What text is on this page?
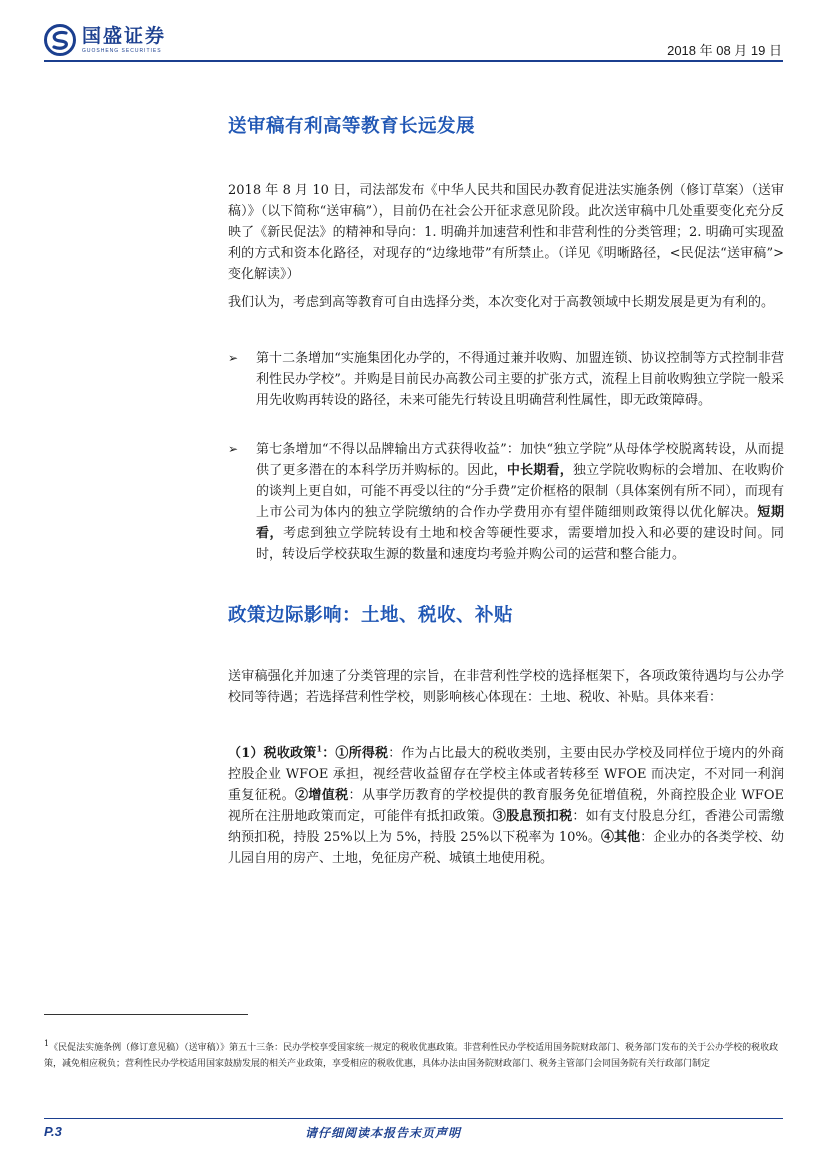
国盛证券
GUOSHENG SECURITIES	2018 年 08 月 19 日
送审稿有利高等教育长远发展

2018 年 8 月 10 日，司法部发布《中华人民共和国民办教育促进法实施条例（修订草案）（送审稿）》（以下简称“送审稿”），目前仍在社会公开征求意见阶段。此次送审稿中几处重要变化充分反映了《新民促法》的精神和导向：1. 明确并加速营利性和非营利性的分类管理；2. 明确可实现盈利的方式和资本化路径，对现存的“边缘地带”有所禁止。（详见《明晰路径，<民促法“送审稿”>变化解读》）

我们认为，考虑到高等教育可自由选择分类，本次变化对于高教领域中长期发展是更为有利的。

➢ 第十二条增加“实施集团化办学的，不得通过兼并收购、加盟连锁、协议控制等方式控制非营利性民办学校”。并购是目前民办高教公司主要的扩张方式，流程上目前收购独立学院一般采用先收购再转设的路径，未来可能先行转设且明确营利性属性，即无政策障碍。

➢ 第七条增加“不得以品牌输出方式获得收益”：加快“独立学院”从母体学校脱离转设，从而提供了更多潜在的本科学历并购标的。因此，中长期看，独立学院收购标的会增加、在收购价的谈判上更自如，可能不再受以往的“分手费”定价框格的限制（具体案例有所不同），而现有上市公司为体内的独立学院缴纳的合作办学费用亦有望伴随细则政策得以优化解决。短期看，考虑到独立学院转设有土地和校舍等硬性要求，需要增加投入和必要的建设时间。同时，转设后学校获取生源的数量和速度均考验并购公司的运营和整合能力。

政策边际影响：土地、税收、补贴

送审稿强化并加速了分类管理的宗旨，在非营利性学校的选择框架下，各项政策待遇均与公办学校同等待遇；若选择营利性学校，则影响核心体现在：土地、税收、补贴。具体来看：

（1）税收政策$^1$：①所得税：作为占比最大的税收类别，主要由民办学校及同样位于境内的外商控股企业 WFOE 承担，视经营收益留存在学校主体或者转移至 WFOE 而决定，不对同一利润重复征税。②增值税：从事学历教育的学校提供的教育服务免征增值税，外商控股企业 WFOE 视所在注册地政策而定，可能伴有抵扣政策。③股息预扣税：如有支付股息分红，香港公司需缴纳预扣税，持股 25%以上为 5%，持股 25%以下税率为 10%。④其他：企业办的各类学校、幼儿园自用的房产、土地，免征房产税、城镇土地使用税。

1《民促法实施条例（修订意见稿）（送审稿）》第五十三条：民办学校享受国家统一规定的税收优惠政策。非营利性民办学校适用国务院财政部门、税务部门发布的关于公办学校的税收政策，减免相应税负；营利性民办学校适用国家鼓励发展的相关产业政策，享受相应的税收优惠，具体办法由国务院财政部门、税务主管部门会同国务院有关行政部门制定

P.3	请仔细阅读本报告末页声明
